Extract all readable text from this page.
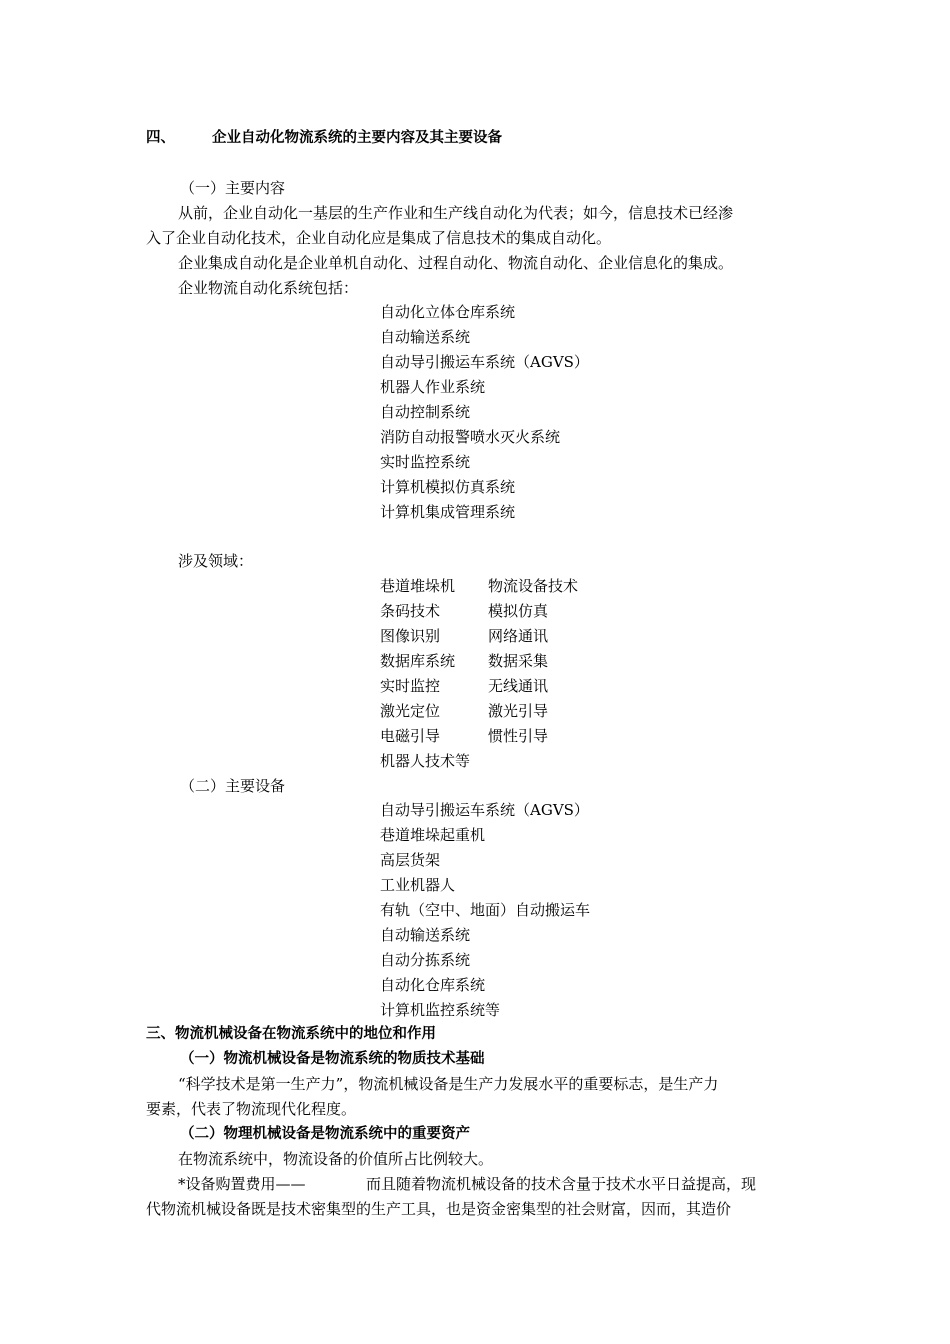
四、	企业自动化物流系统的主要内容及其主要设备
（一）主要内容
从前，企业自动化一基层的生产作业和生产线自动化为代表；如今，信息技术已经渗
入了企业自动化技术，企业自动化应是集成了信息技术的集成自动化。
企业集成自动化是企业单机自动化、过程自动化、物流自动化、企业信息化的集成。
企业物流自动化系统包括：
自动化立体仓库系统
自动输送系统
自动导引搬运车系统（AGVS）
机器人作业系统
自动控制系统
消防自动报警喷水灭火系统
实时监控系统
计算机模拟仿真系统
计算机集成管理系统
涉及领域：
巷道堆垛机 物流设备技术
条码技术	模拟仿真
图像识别	网络通讯
数据库系统 数据采集
实时监控	无线通讯
激光定位	激光引导
电磁引导	惯性引导
机器人技术等
（二）主要设备
自动导引搬运车系统（AGVS）
巷道堆垛起重机
高层货架
工业机器人
有轨（空中、地面）自动搬运车
自动输送系统
自动分拣系统
自动化仓库系统
计算机监控系统等
三、物流机械设备在物流系统中的地位和作用
（一）物流机械设备是物流系统的物质技术基础
“科学技术是第一生产力”，物流机械设备是生产力发展水平的重要标志，是生产力
要素，代表了物流现代化程度。
（二）物理机械设备是物流系统中的重要资产
在物流系统中，物流设备的价值所占比例较大。
*设备购置费用——	而且随着物流机械设备的技术含量于技术水平日益提高，现
代物流机械设备既是技术密集型的生产工具，也是资金密集型的社会财富，因而，其造价
